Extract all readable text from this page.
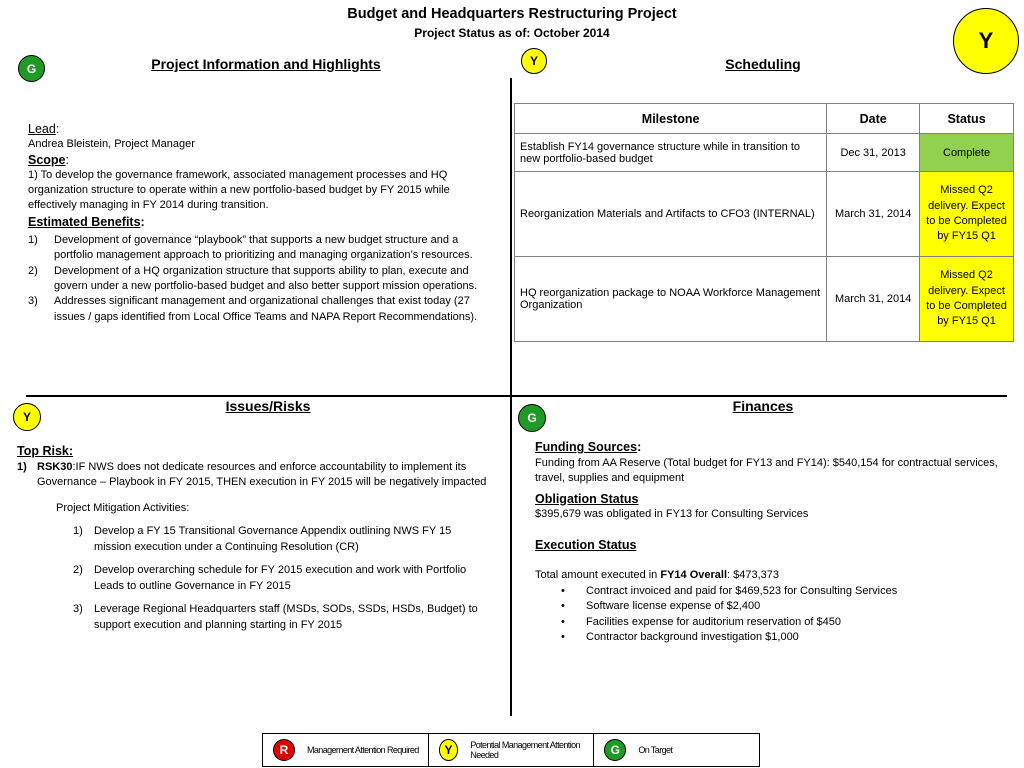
Budget and Headquarters Restructuring Project
Project Status as of: October 2014	Y
G	Project Information and Highlights
Lead:
Andrea Bleistein, Project Manager
Scope:
1) To develop the governance framework, associated management processes and HQ organization structure to operate within a new portfolio-based budget by FY 2015 while effectively managing in FY 2014 during transition.
Estimated Benefits:
1) Development of governance “playbook” that supports a new budget structure and a portfolio management approach to prioritizing and managing organization’s resources.
2) Development of a HQ organization structure that supports ability to plan, execute and govern under a new portfolio-based budget and also better support mission operations.
3) Addresses significant management and organizational challenges that exist today (27 issues / gaps identified from Local Office Teams and NAPA Report Recommendations).
Y	Scheduling
Milestone	Date	Status
Establish FY14 governance structure while in transition to new portfolio-based budget	Dec 31, 2013	Complete
Reorganization Materials and Artifacts to CFO3 (INTERNAL)	March 31, 2014	Missed Q2 delivery. Expect to be Completed by FY15 Q1
HQ reorganization package to NOAA Workforce Management Organization	March 31, 2014	Missed Q2 delivery. Expect to be Completed by FY15 Q1
Y
Issues/Risks
Top Risk:
1) RSK30:IF NWS does not dedicate resources and enforce accountability to implement its Governance – Playbook in FY 2015, THEN execution in FY 2015 will be negatively impacted
Project Mitigation Activities:
1) Develop a FY 15 Transitional Governance Appendix outlining NWS FY 15 mission execution under a Continuing Resolution (CR)
2) Develop overarching schedule for FY 2015 execution and work with Portfolio Leads to outline Governance in FY 2015
3) Leverage Regional Headquarters staff (MSDs, SODs, SSDs, HSDs, Budget) to support execution and planning starting in FY 2015
G
Finances
Funding Sources:
Funding from AA Reserve (Total budget for FY13 and FY14): $540,154 for contractual services, travel, supplies and equipment
Obligation Status
$395,679 was obligated in FY13 for Consulting Services
Execution Status
Total amount executed in FY14 Overall: $473,373
• Contract invoiced and paid for $469,523 for Consulting Services
• Software license expense of $2,400
• Facilities expense for auditorium reservation of $450
• Contractor background investigation $1,000
R	Management Attention Required	Y	Potential Management Attention Needed	G	On Target
